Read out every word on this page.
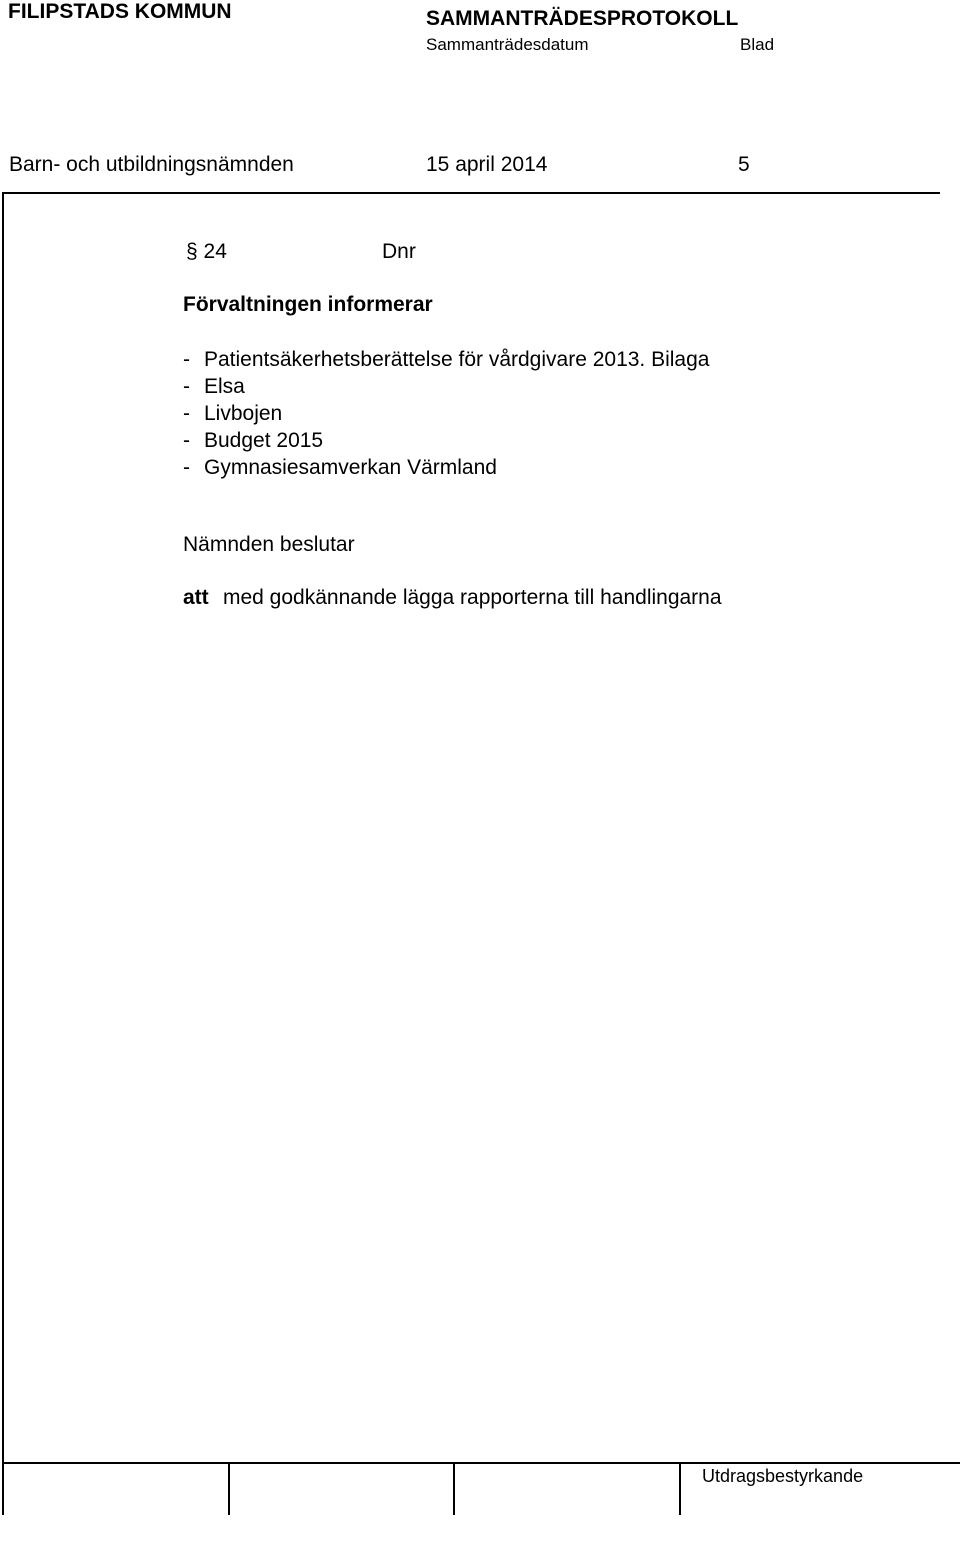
FILIPSTADS KOMMUN	SAMMANTRÄDESPROTOKOLL
Sammanträdesdatum	Blad
Barn- och utbildningsnämnden	15 april 2014	5
§ 24	Dnr
Förvaltningen informerar
- Patientsäkerhetsberättelse för vårdgivare 2013. Bilaga
- Elsa
- Livbojen
- Budget 2015
- Gymnasiesamverkan Värmland
Nämnden beslutar
att med godkännande lägga rapporterna till handlingarna
Utdragsbestyrkande
